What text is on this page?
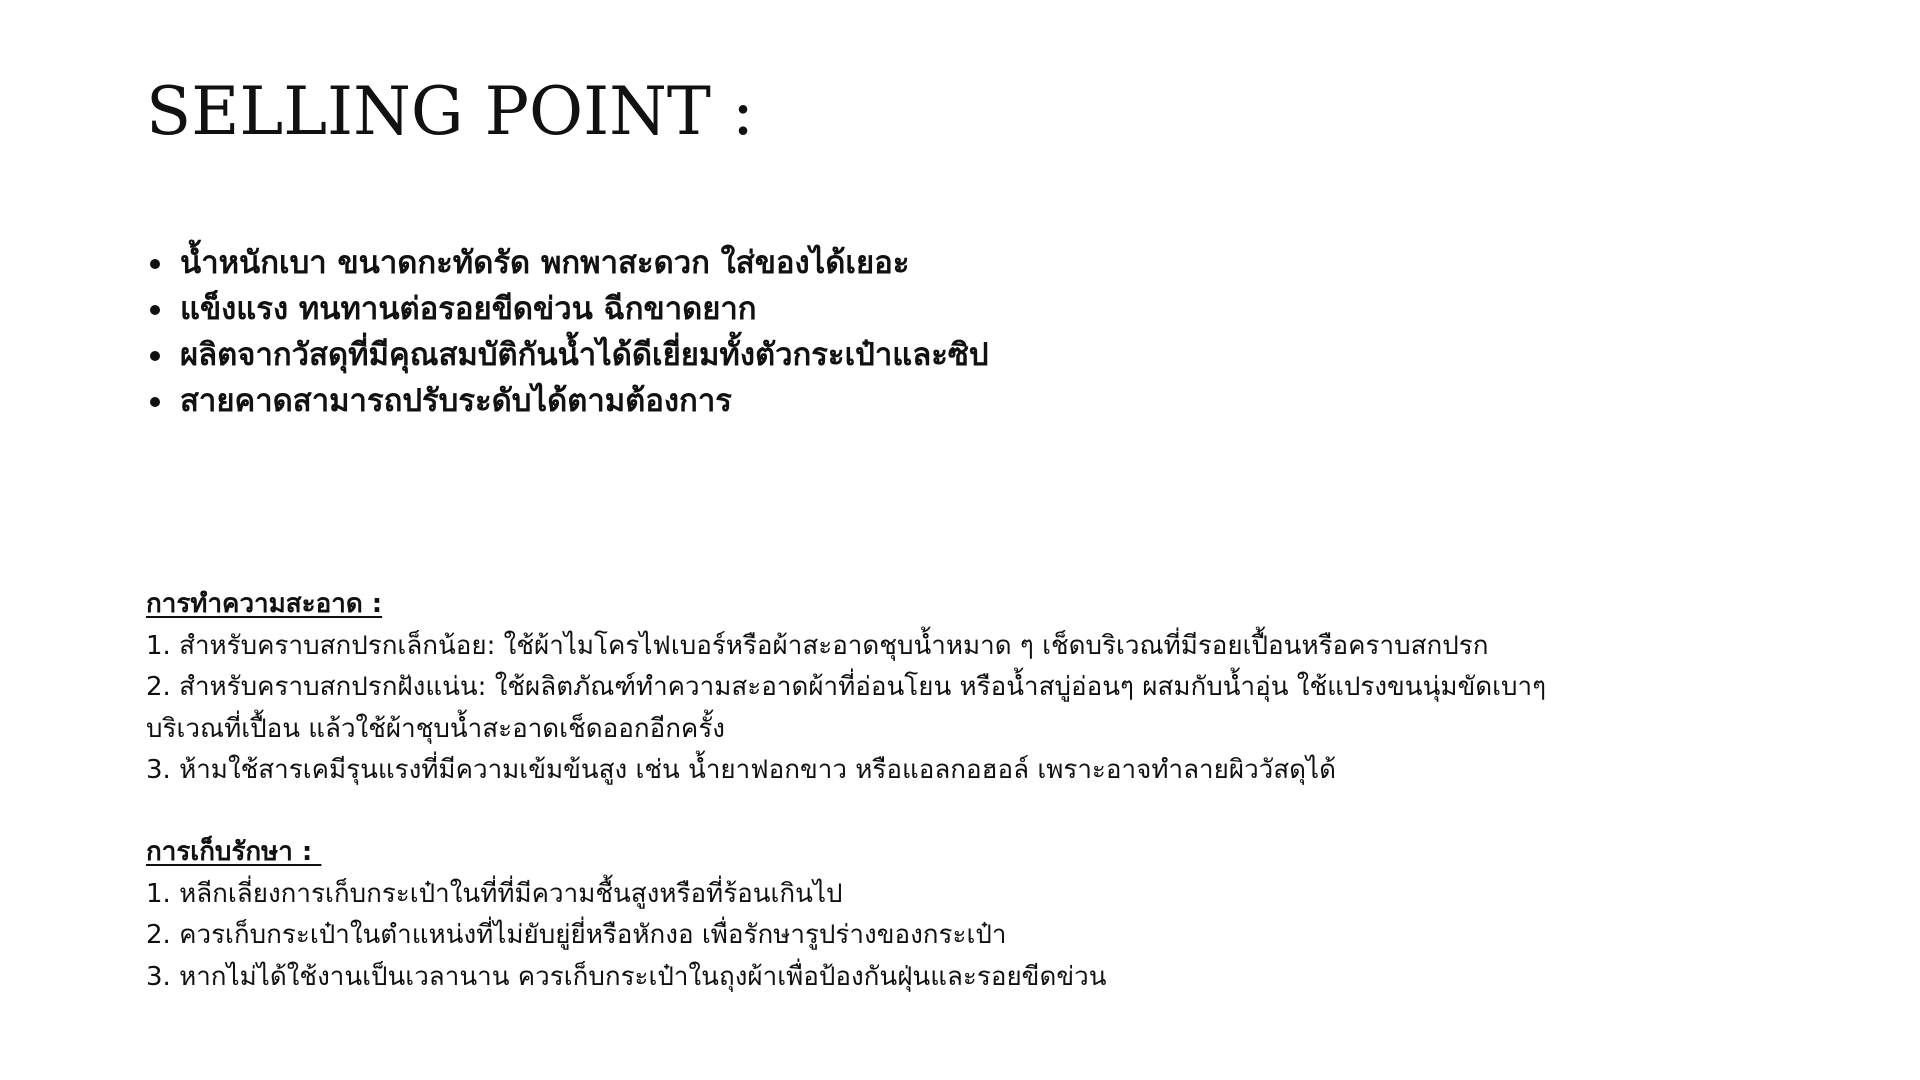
SELLING POINT :
น้ำหนักเบา ขนาดกะทัดรัด พกพาสะดวก ใส่ของได้เยอะ
แข็งแรง ทนทานต่อรอยขีดข่วน ฉีกขาดยาก
ผลิตจากวัสดุที่มีคุณสมบัติกันน้ำได้ดีเยี่ยมทั้งตัวกระเป๋าและซิป
สายคาดสามารถปรับระดับได้ตามต้องการ
การทำความสะอาด :
1. สำหรับคราบสกปรกเล็กน้อย: ใช้ผ้าไมโครไฟเบอร์หรือผ้าสะอาดชุบน้ำหมาด ๆ เช็ดบริเวณที่มีรอยเปื้อนหรือคราบสกปรก
2. สำหรับคราบสกปรกฝังแน่น: ใช้ผลิตภัณฑ์ทำความสะอาดผ้าที่อ่อนโยน หรือน้ำสบู่อ่อนๆ ผสมกับน้ำอุ่น ใช้แปรงขนนุ่มขัดเบาๆ
บริเวณที่เปื้อน แล้วใช้ผ้าชุบน้ำสะอาดเช็ดออกอีกครั้ง
3. ห้ามใช้สารเคมีรุนแรงที่มีความเข้มข้นสูง เช่น น้ำยาฟอกขาว หรือแอลกอฮอล์ เพราะอาจทำลายผิววัสดุได้
การเก็บรักษา :
1. หลีกเลี่ยงการเก็บกระเป๋าในที่ที่มีความชื้นสูงหรือที่ร้อนเกินไป
2. ควรเก็บกระเป๋าในตำแหน่งที่ไม่ยับยู่ยี่หรือหักงอ เพื่อรักษารูปร่างของกระเป๋า
3. หากไม่ได้ใช้งานเป็นเวลานาน ควรเก็บกระเป๋าในถุงผ้าเพื่อป้องกันฝุ่นและรอยขีดข่วน
